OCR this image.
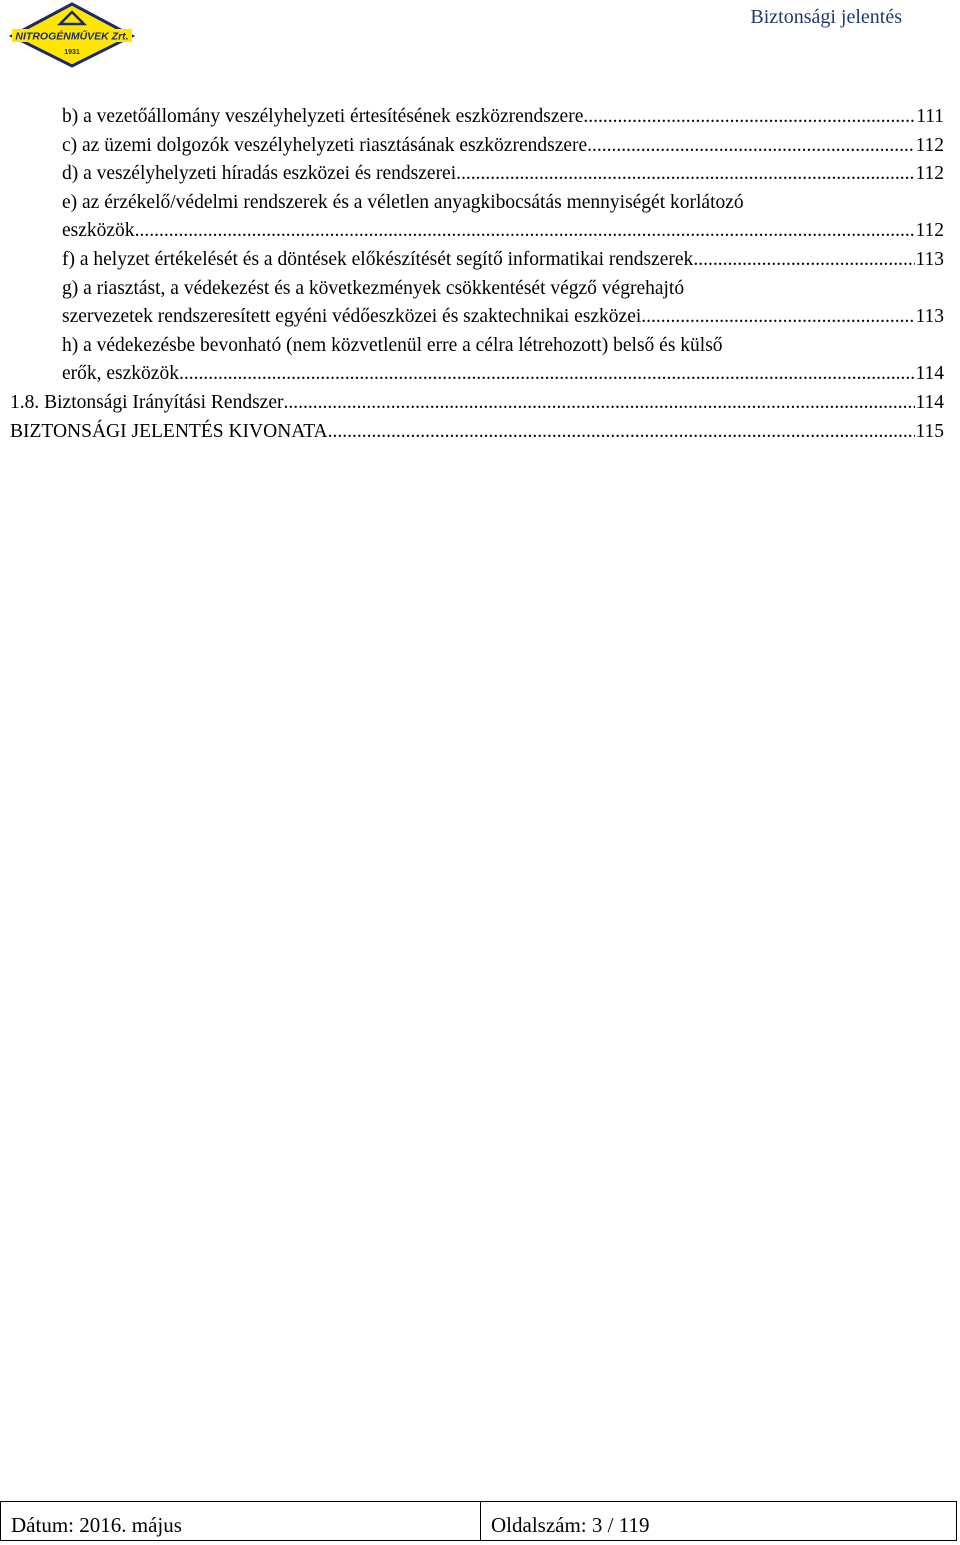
NITROGÉNMŰVEK Zrt.
1931
Biztonsági jelentés
b) a vezetőállomány veszélyhelyzeti értesítésének eszközrendszere .....	111
c) az üzemi dolgozók veszélyhelyzeti riasztásának eszközrendszere .....	112
d) a veszélyhelyzeti híradás eszközei és rendszerei .....	112
e) az érzékelő/védelmi rendszerek és a véletlen anyagkibocsátás mennyiségét korlátozó
eszközök .....	112
f) a helyzet értékelését és a döntések előkészítését segítő informatikai rendszerek .....	113
g) a riasztást, a védekezést és a következmények csökkentését végző végrehajtó
szervezetek rendszeresített egyéni védőeszközei és szaktechnikai eszközei .....	113
h) a védekezésbe bevonható (nem közvetlenül erre a célra létrehozott) belső és külső
erők, eszközök .....	114
1.8. Biztonsági Irányítási Rendszer .....	114
BIZTONSÁGI JELENTÉS KIVONATA .....	115
Dátum: 2016. május	Oldalszám: 3 / 119
